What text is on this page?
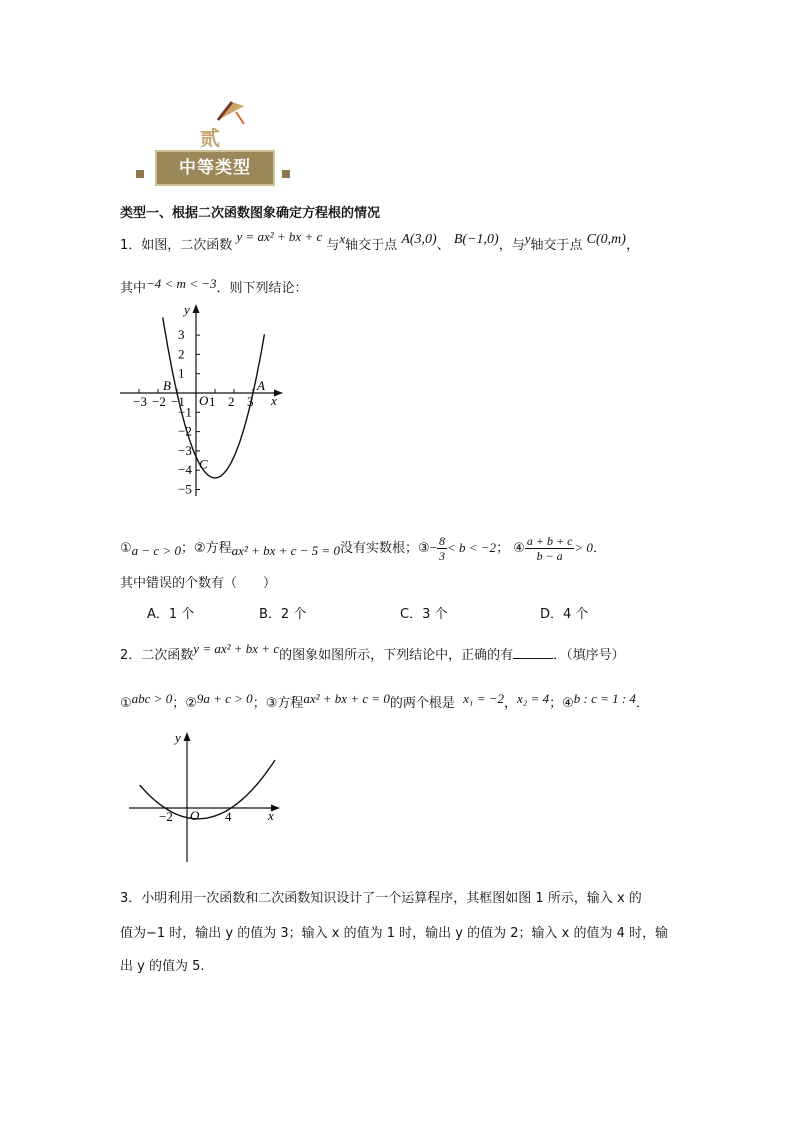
贰
中等类型
类型一、根据二次函数图象确定方程根的情况
1．如图，二次函数 y = ax² + bx + c 与x轴交于点 A(3,0)、 B(−1,0)，与y轴交于点 C(0,m)，
其中−4 < m < −3．则下列结论：
x
y
O
−3 −2 −1 1 2 3
3
2
1
−1
−2
−3
−4
−5
B	A
C
①a − c > 0；②方程ax² + bx + c − 5 = 0没有实数根；③− $\frac{8}{3} < b < -2$； ④ $\frac{a + b + c}{b - a} > 0$．
其中错误的个数有（　　）
A．1 个	B．2 个	C．3 个	D．4 个
2．二次函数y = ax² + bx + c的图象如图所示，下列结论中，正确的有	．（填序号）
①abc > 0；②9a + c > 0；③方程ax² + bx + c = 0的两个根是 x₁ = −2，x₂ = 4；④b : c = 1 : 4．
x
y
O
−2	4
3．小明利用一次函数和二次函数知识设计了一个运算程序，其框图如图 1 所示，输入 x 的
值为−1 时，输出 y 的值为 3；输入 x 的值为 1 时，输出 y 的值为 2；输入 x 的值为 4 时，输
出 y 的值为 5.
